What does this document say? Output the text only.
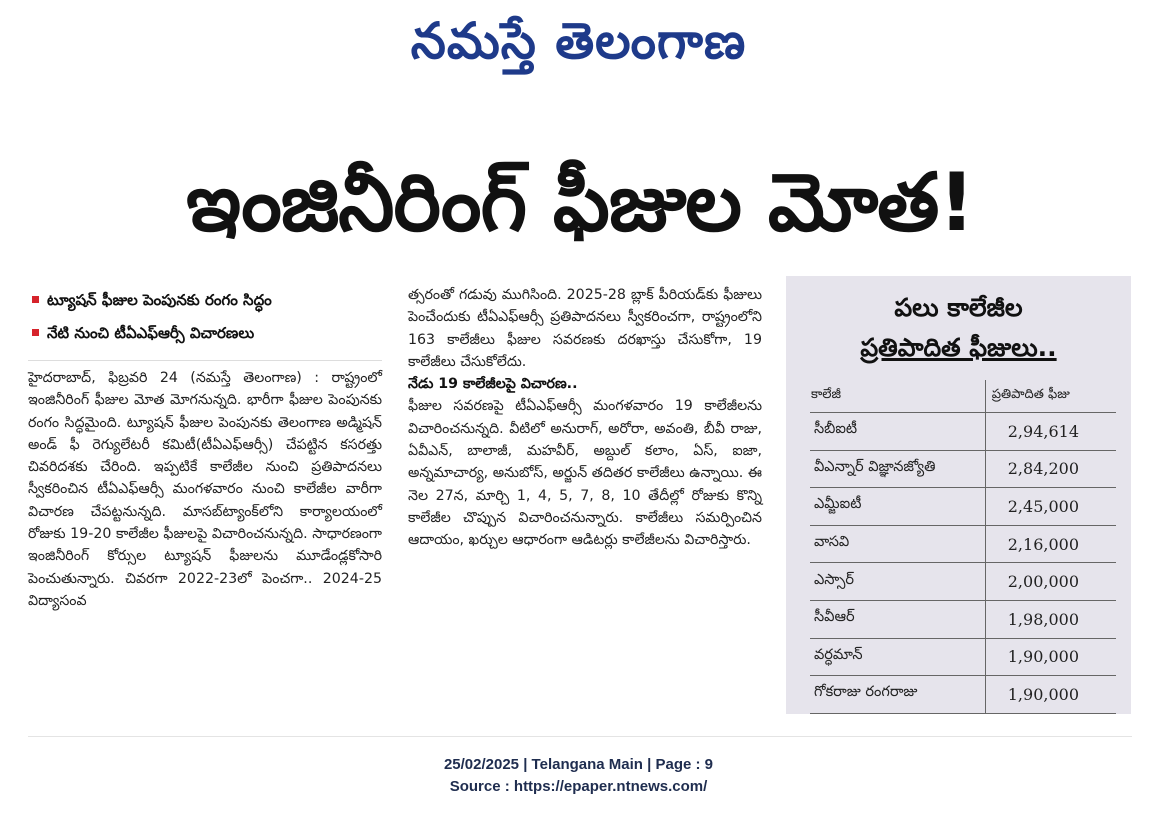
నమస్తే తెలంగాణ
ఇంజినీరింగ్ ఫీజుల మోత!
ట్యూషన్ ఫీజుల పెంపునకు రంగం సిద్ధం
నేటి నుంచి టీఏఎఫ్ఆర్సీ విచారణలు

హైదరాబాద్, ఫిబ్రవరి 24 (నమస్తే తెలంగాణ) : రాష్ట్రంలో ఇంజినీరింగ్ ఫీజుల మోత మోగనున్నది. భారీగా ఫీజుల పెంపునకు రంగం సిద్ధమైంది. ట్యూషన్ ఫీజుల పెంపునకు తెలంగాణ అడ్మిషన్ అండ్ ఫీ రెగ్యులేటరీ కమిటీ(టీఏఎఫ్ఆర్సీ) చేపట్టిన కసరత్తు చివరిదశకు చేరింది. ఇప్పటికే కాలేజీల నుంచి ప్రతిపాదనలు స్వీకరించిన టీఏఎఫ్ఆర్సీ మంగళవారం నుంచి కాలేజీల వారీగా విచారణ చేపట్టనున్నది. మాసబ్‌ట్యాంక్‌లోని కార్యాలయంలో రోజుకు 19-20 కాలేజీల ఫీజులపై విచారించనున్నది. సాధారణంగా ఇంజినీరింగ్ కోర్సుల ట్యూషన్ ఫీజులను మూడేండ్లకోసారి పెంచుతున్నారు. చివరగా 2022-23లో పెంచగా.. 2024-25 విద్యాసంవ

త్సరంతో గడువు ముగిసింది. 2025-28 బ్లాక్ పీరియడ్‌కు ఫీజులు పెంచేందుకు టీఏఎఫ్ఆర్సీ ప్రతిపాదనలు స్వీకరించగా, రాష్ట్రంలోని 163 కాలేజీలు ఫీజుల సవరణకు దరఖాస్తు చేసుకోగా, 19 కాలేజీలు చేసుకోలేదు.

నేడు 19 కాలేజీలపై విచారణ..

ఫీజుల సవరణపై టీఏఎఫ్ఆర్సీ మంగళవారం 19 కాలేజీలను విచారించనున్నది. వీటిలో అనురాగ్, అరోరా, అవంతి, బీవీ రాజు, ఏవీఎన్, బాలాజీ, మహవీర్, అబ్దుల్ కలాం, ఏస్, ఐజా, అన్నమాచార్య, అనుబోస్, అర్జున్ తదితర కాలేజీలు ఉన్నాయి. ఈ నెల 27న, మార్చి 1, 4, 5, 7, 8, 10 తేదీల్లో రోజుకు కొన్ని కాలేజీల చొప్పున విచారించనున్నారు. కాలేజీలు సమర్పించిన ఆదాయం, ఖర్చుల ఆధారంగా ఆడిటర్లు కాలేజీలను విచారిస్తారు.

పలు కాలేజీల
ప్రతిపాదిత ఫీజులు..
కాలేజీ	ప్రతిపాదిత ఫీజు
సీబీఐటీ	2,94,614
వీఎన్నార్ విజ్ఞానజ్యోతి	2,84,200
ఎమ్జీఐటీ	2,45,000
వాసవి	2,16,000
ఎస్సార్	2,00,000
సీవీఆర్	1,98,000
వర్ధమాన్	1,90,000
గోకరాజు రంగరాజు	1,90,000
25/02/2025 | Telangana Main | Page : 9
Source : https://epaper.ntnews.com/
